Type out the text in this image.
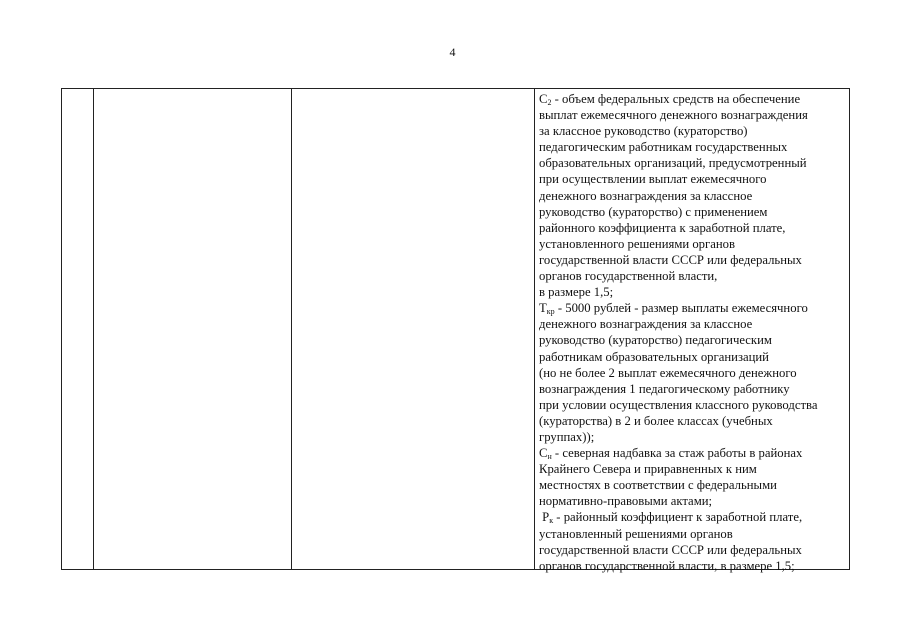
4
$C_2$ - объем федеральных средств на обеспечение
выплат ежемесячного денежного вознаграждения
за классное руководство (кураторство)
педагогическим работникам государственных
образовательных организаций, предусмотренный
при осуществлении выплат ежемесячного
денежного вознаграждения за классное
руководство (кураторство) с применением
районного коэффициента к заработной плате,
установленного решениями органов
государственной власти СССР или федеральных
органов государственной власти,
в размере 1,5;
$T_{кр} - 5000$ рублей - размер выплаты ежемесячного
денежного вознаграждения за классное
руководство (кураторство) педагогическим
работникам образовательных организаций
(но не более 2 выплат ежемесячного денежного
вознаграждения 1 педагогическому работнику
при условии осуществления классного руководства
(кураторства) в 2 и более классах (учебных
группах));
$C_н$ - северная надбавка за стаж работы в районах
Крайнего Севера и приравненных к ним
местностях в соответствии с федеральными
нормативно-правовыми актами;
$Р_к$ - районный коэффициент к заработной плате,
установленный решениями органов
государственной власти СССР или федеральных
органов государственной власти, в размере 1,5;
